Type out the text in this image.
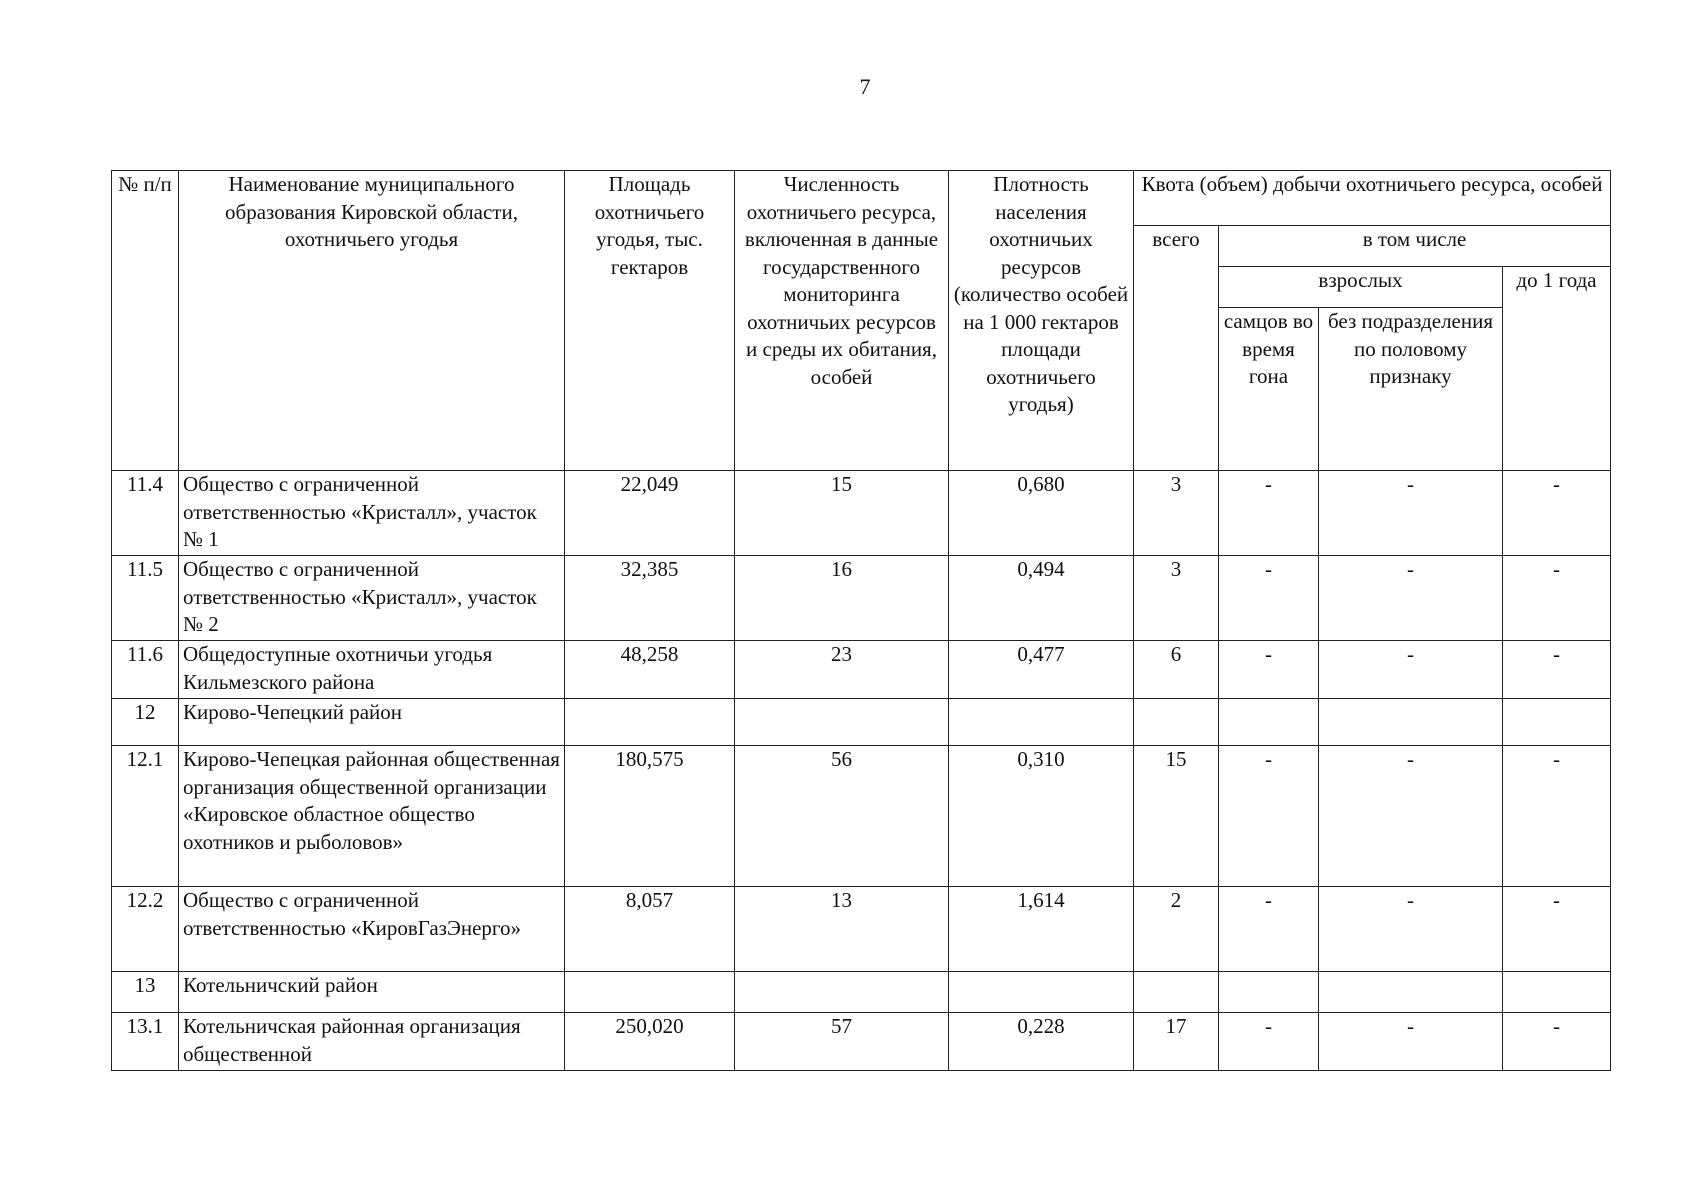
7
№ п/п	Наименование муниципального образования Кировской области, охотничьего угодья	Площадь охотничьего угодья, тыс. гектаров	Численность охотничьего ресурса, включенная в данные государственного мониторинга охотничьих ресурсов и среды их обитания, особей	Плотность населения охотничьих ресурсов (количество особей на 1 000 гектаров площади охотничьего угодья)	Квота (объем) добычи охотничьего ресурса, особей			
					всего	в том числе		
						взрослых		до 1 года
						самцов во время гона	без подразделения по половому признаку	
11.4	Общество с ограниченной ответственностью «Кристалл», участок № 1	22,049	15	0,680	3	-	-	-
11.5	Общество с ограниченной ответственностью «Кристалл», участок № 2	32,385	16	0,494	3	-	-	-
11.6	Общедоступные охотничьи угодья Кильмезского района	48,258	23	0,477	6	-	-	-
12	Кирово-Чепецкий район							
12.1	Кирово-Чепецкая районная общественная организация общественной организации «Кировское областное общество охотников и рыболовов»	180,575	56	0,310	15	-	-	-
12.2	Общество с ограниченной ответственностью «КировГазЭнерго»	8,057	13	1,614	2	-	-	-
13	Котельничский район							
13.1	Котельничская районная организация общественной	250,020	57	0,228	17	-	-	-
